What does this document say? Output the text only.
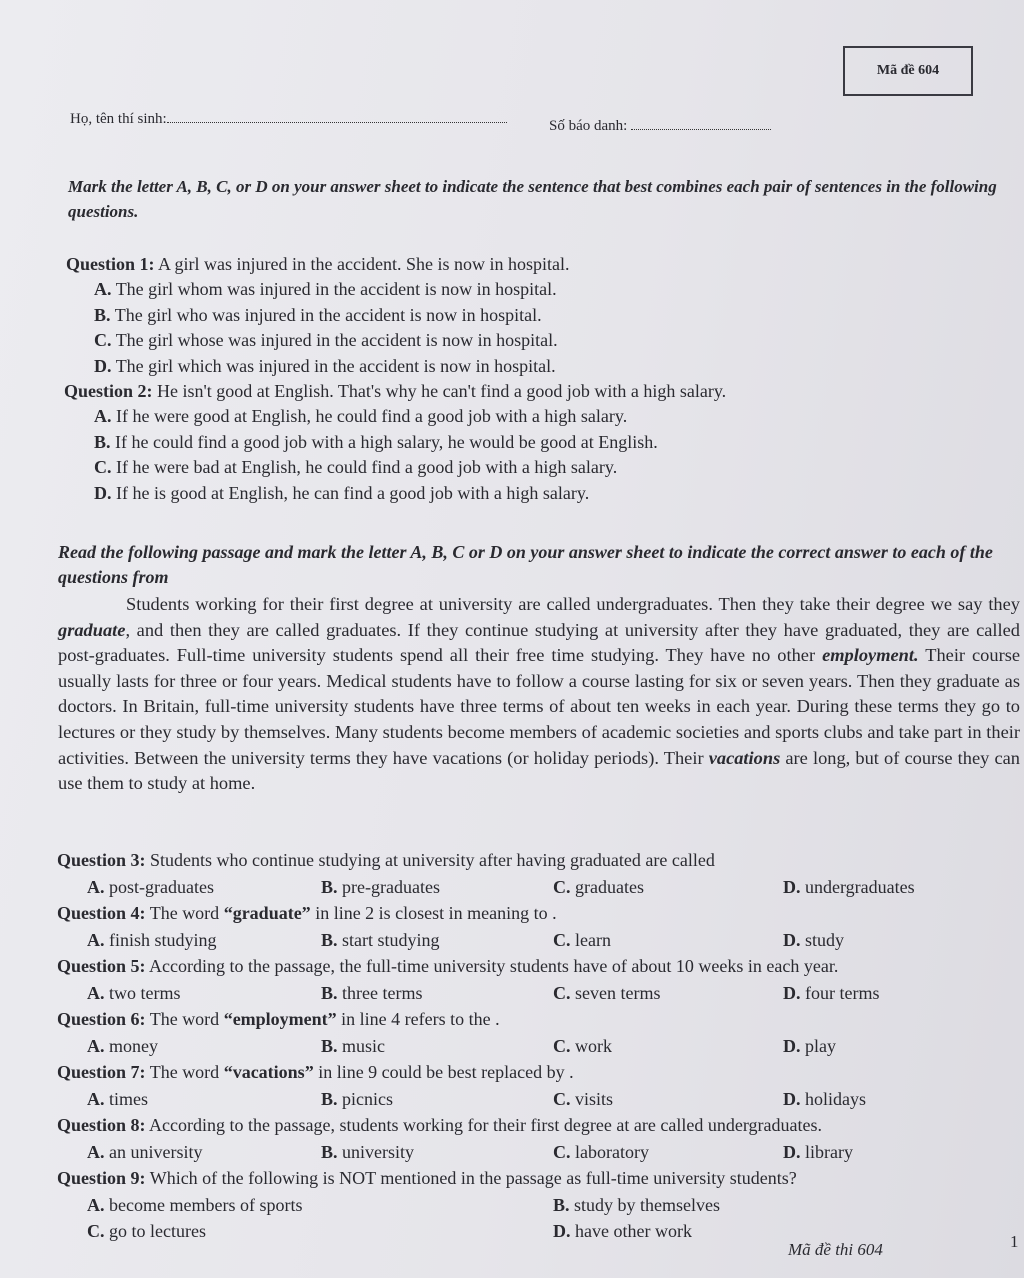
Mã đề 604
Họ, tên thí sinh:	Số báo danh:
Mark the letter A, B, C, or D on your answer sheet to indicate the sentence that best combines each pair of sentences in the following questions.
Question 1: A girl was injured in the accident. She is now in hospital.
A. The girl whom was injured in the accident is now in hospital.
B. The girl who was injured in the accident is now in hospital.
C. The girl whose was injured in the accident is now in hospital.
D. The girl which was injured in the accident is now in hospital.
Question 2: He isn't good at English. That's why he can't find a good job with a high salary.
A. If he were good at English, he could find a good job with a high salary.
B. If he could find a good job with a high salary, he would be good at English.
C. If he were bad at English, he could find a good job with a high salary.
D. If he is good at English, he can find a good job with a high salary.
Read the following passage and mark the letter A, B, C or D on your answer sheet to indicate the correct answer to each of the questions from
Students working for their first degree at university are called undergraduates. Then they take their degree we say they graduate, and then they are called graduates. If they continue studying at university after they have graduated, they are called post-graduates. Full-time university students spend all their free time studying. They have no other employment. Their course usually lasts for three or four years. Medical students have to follow a course lasting for six or seven years. Then they graduate as doctors. In Britain, full-time university students have three terms of about ten weeks in each year. During these terms they go to lectures or they study by themselves. Many students become members of academic societies and sports clubs and take part in their activities. Between the university terms they have vacations (or holiday periods). Their vacations are long, but of course they can use them to study at home.
Question 3: Students who continue studying at university after having graduated are called
A. post-graduates	B. pre-graduates	C. graduates	D. undergraduates
Question 4: The word “graduate” in line 2 is closest in meaning to .
A. finish studying	B. start studying	C. learn	D. study
Question 5: According to the passage, the full-time university students have of about 10 weeks in each year.
A. two terms	B. three terms	C. seven terms	D. four terms
Question 6: The word “employment” in line 4 refers to the .
A. money	B. music	C. work	D. play
Question 7: The word “vacations” in line 9 could be best replaced by .
A. times	B. picnics	C. visits	D. holidays
Question 8: According to the passage, students working for their first degree at are called undergraduates.
A. an university	B. university	C. laboratory	D. library
Question 9: Which of the following is NOT mentioned in the passage as full-time university students?
A. become members of sports	B. study by themselves
C. go to lectures	D. have other work
Mã đề thi 604	1
